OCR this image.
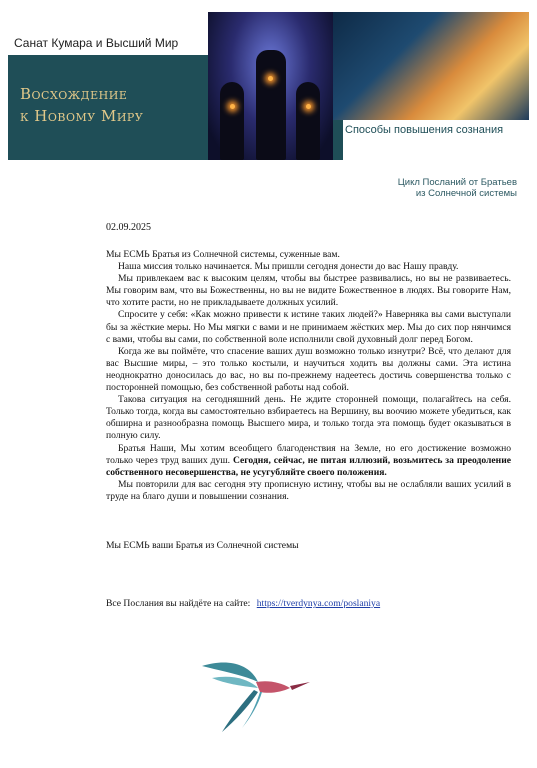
Санат Кумара и Высший Мир
Восхождение
к Новому Миру
Способы повышения сознания
Цикл Посланий от Братьев
из Солнечной системы
02.09.2025

Мы ЕСМЬ Братья из Солнечной системы, суженные вам.

Наша миссия только начинается. Мы пришли сегодня донести до вас Нашу правду.

Мы привлекаем вас к высоким целям, чтобы вы быстрее развивались, но вы не развиваетесь. Мы говорим вам, что вы Божественны, но вы не видите Божественное в людях. Вы говорите Нам, что хотите расти, но не прикладываете должных усилий.

Спросите у себя: «Как можно привести к истине таких людей?» Наверняка вы сами выступали бы за жёсткие меры. Но Мы мягки с вами и не принимаем жёстких мер. Мы до сих пор нянчимся с вами, чтобы вы сами, по собственной воле исполнили свой духовный долг перед Богом.

Когда же вы поймёте, что спасение ваших душ возможно только изнутри? Всё, что делают для вас Высшие миры, – это только костыли, и научиться ходить вы должны сами. Эта истина неоднократно доносилась до вас, но вы по-прежнему надеетесь достичь совершенства только с посторонней помощью, без собственной работы над собой.

Такова ситуация на сегодняшний день. Не ждите сторонней помощи, полагайтесь на себя. Только тогда, когда вы самостоятельно взбираетесь на Вершину, вы воочию можете убедиться, как обширна и разнообразна помощь Высшего мира, и только тогда эта помощь будет оказываться в полную силу.

Братья Наши, Мы хотим всеобщего благоденствия на Земле, но его достижение возможно только через труд ваших душ. Сегодня, сейчас, не питая иллюзий, возьмитесь за преодоление собственного несовершенства, не усугубляйте своего положения.

Мы повторили для вас сегодня эту прописную истину, чтобы вы не ослабляли ваших усилий в труде на благо души и повышении сознания.

Мы ЕСМЬ ваши Братья из Солнечной системы
Все Послания вы найдёте на сайте: https://tverdynya.com/poslaniya
